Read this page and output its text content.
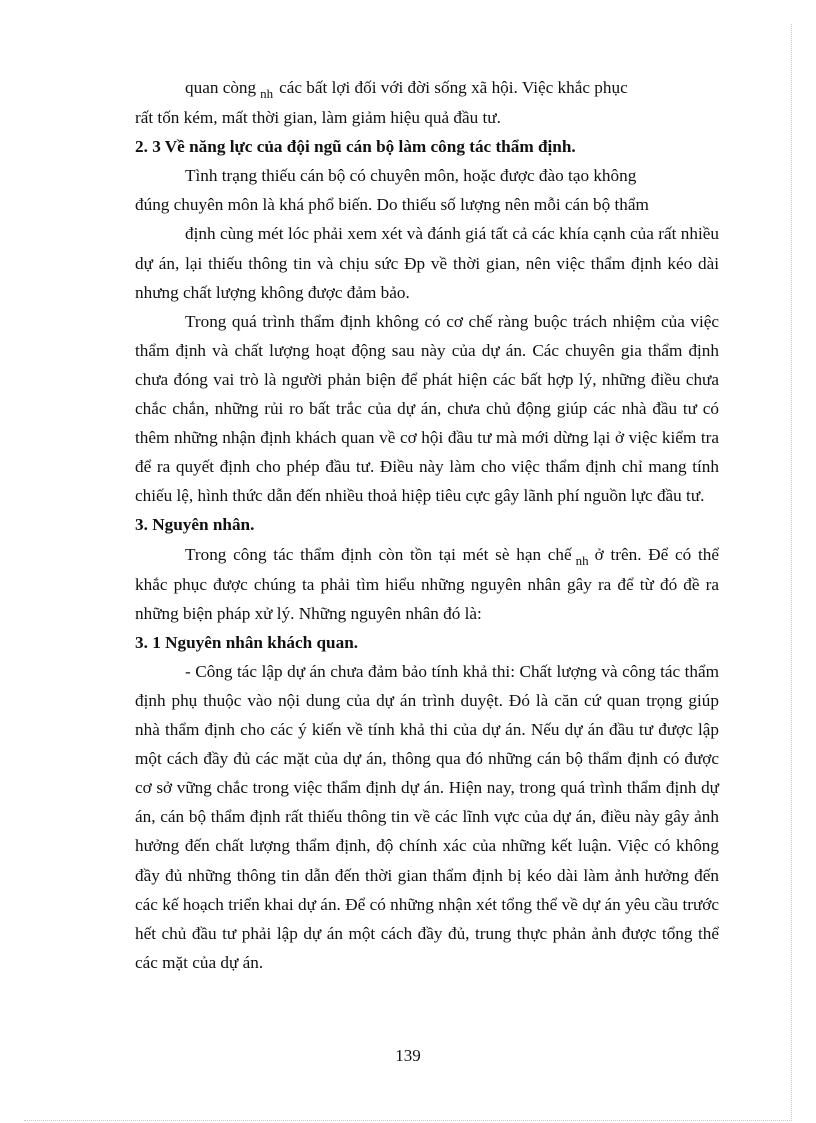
quan còng $_{nh}$ các bất lợi đối với đời sống xã hội. Việc khắc phục

rất tốn kém, mất thời gian, làm giảm hiệu quả đầu tư.

2. 3 Về năng lực của đội ngũ cán bộ làm công tác thẩm định.

Tình trạng thiếu cán bộ có chuyên môn, hoặc được đào tạo không

đúng chuyên môn là khá phổ biến. Do thiếu số lượng nên mỗi cán bộ thẩm

định cùng mét lóc phải xem xét và đánh giá tất cả các khía cạnh của rất nhiều dự án, lại thiếu thông tin và chịu sức Ðp về thời gian, nên việc thẩm định kéo dài nhưng chất lượng không được đảm bảo.

Trong quá trình thẩm định không có cơ chế ràng buộc trách nhiệm của việc thẩm định và chất lượng hoạt động sau này của dự án. Các chuyên gia thẩm định chưa đóng vai trò là người phản biện để phát hiện các bất hợp lý, những điều chưa chắc chắn, những rủi ro bất trắc của dự án, chưa chủ động giúp các nhà đầu tư có thêm những nhận định khách quan về cơ hội đầu tư mà mới dừng lại ở việc kiểm tra để ra quyết định cho phép đầu tư. Điều này làm cho việc thẩm định chỉ mang tính chiếu lệ, hình thức dẫn đến nhiều thoả hiệp tiêu cực gây lãnh phí nguồn lực đầu tư.

3. Nguyên nhân.

Trong công tác thẩm định còn tồn tại mét sè hạn chế $_{nh}$ ở trên. Để có thể khắc phục được chúng ta phải tìm hiểu những nguyên nhân gây ra để từ đó đề ra những biện pháp xử lý. Những nguyên nhân đó là:

3. 1 Nguyên nhân khách quan.

- Công tác lập dự án chưa đảm bảo tính khả thi: Chất lượng và công tác thẩm định phụ thuộc vào nội dung của dự án trình duyệt. Đó là căn cứ quan trọng giúp nhà thẩm định cho các ý kiến về tính khả thi của dự án. Nếu dự án đầu tư được lập một cách đầy đủ các mặt của dự án, thông qua đó những cán bộ thẩm định có được cơ sở vững chắc trong việc thẩm định dự án. Hiện nay, trong quá trình thẩm định dự án, cán bộ thẩm định rất thiếu thông tin về các lĩnh vực của dự án, điều này gây ảnh hưởng đến chất lượng thẩm định, độ chính xác của những kết luận. Việc có không đầy đủ những thông tin dẫn đến thời gian thẩm định bị kéo dài làm ảnh hưởng đến các kế hoạch triển khai dự án. Để có những nhận xét tổng thể về dự án yêu cầu trước hết chủ đầu tư phải lập dự án một cách đầy đủ, trung thực phản ảnh được tổng thể các mặt của dự án.

139
